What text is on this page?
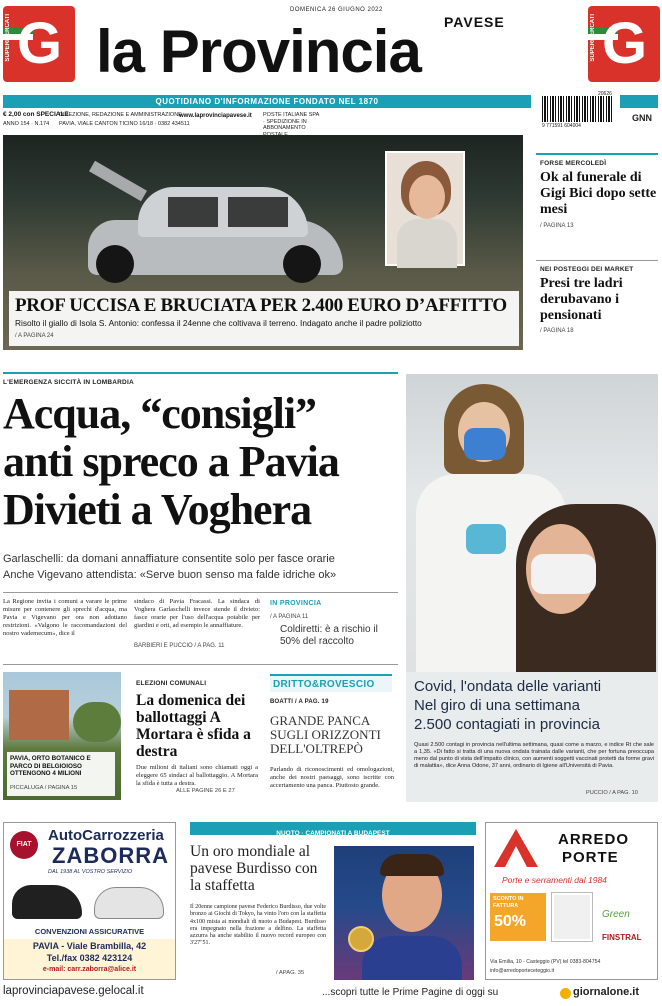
SUPERMERCATI G
DOMENICA 26 GIUGNO 2022
PAVESE
la Provincia	SUPERMERCATI G
QUOTIDIANO D'INFORMAZIONE FONDATO NEL 1870
€ 2,00 con SPECIALE
ANNO 154 · N.174
DIREZIONE, REDAZIONE E AMMINISTRAZIONE
PAVIA, VIALE CANTON TICINO 16/18 · 0382 434511
www.laprovinciapavese.it POSTE ITALIANE SPA · SPEDIZIONE IN ABBONAMENTO	9 771591 604004
20626
GNN
PROF UCCISA E BRUCIATA PER 2.400 EURO D’AFFITTO
Risolto il giallo di Isola S. Antonio: confessa il 24enne che coltivava il terreno. Indagato anche il padre poliziotto
/ A PAGINA 24
FORSE MERCOLEDÌ
Ok al funerale di Gigi Bici dopo sette mesi
/ PAGINA 13
NEI POSTEGGI DEI MARKET
Presi tre ladri derubavano i pensionati
/ PAGINA 18
L'EMERGENZA SICCITÀ IN LOMBARDIA
Acqua, “consigli”
anti spreco a Pavia
Divieti a Voghera
Garlaschelli: da domani annaffiature consentite solo per fasce orarie
Anche Vigevano attendista: «Serve buon senso ma falde idriche ok»
La Regione invita i comuni a varare le prime misure per contenere gli sprechi d'acqua, ma Pavia e Vigevano per ora non adottano restrizioni. «Valgono le raccomandazioni del nostro vademecum», dice il
sindaco di Pavia Fracassi. La sindaca di Voghera Garlaschelli invece stende il divieto: fasce orarie per l'uso dell'acqua potabile per giardini e orti, ad esempio le annaffiature.
BARBIERI E PUCCIO / A PAG. 11
IN PROVINCIA
/ A PAGINA 11
Coldiretti: è a rischio il 50% del raccolto
Covid, l'ondata delle varianti
Nel giro di una settimana
2.500 contagiati in provincia
Quasi 2.500 contagi in provincia nell'ultima settimana, quasi come a marzo, e indice Rt che sale a 1,35. «Di fatto si tratta di una nuova ondata trainata dalle varianti, che per fortuna preoccupa meno dal punto di vista dell'impatto clinico, con aumenti soggetti vaccinati protetti da forme gravi di malattia», dice Anna Odone, 37 anni, ordinario di Igiene all'Università di Pavia.
PUCCIO / A PAG. 10
PAVIA, ORTO BOTANICO E PARCO DI BELGIOIOSO OTTENGONO 4 MILIONI
PICCALUGA / PAGINA 15
ELEZIONI COMUNALI
La domenica dei ballottaggi A Mortara è sfida a destra
Due milioni di italiani sono chiamati oggi a eleggere 65 sindaci al ballottaggio. A Mortara la sfida è tutta a destra.
ALLE PAGINE 26 E 27
DRITTO&ROVESCIO
BOATTI / A PAG. 19
GRANDE PANCA SUGLI ORIZZONTI DELL'OLTREPÒ
Parlando di riconoscimenti ed omologazioni, anche dei nostri paesaggi, sono iscritte con accertamento una panca. Piuttosto grande.
FIAT
AutoCarrozzeria
ZABORRA
DAL 1938 AL VOSTRO SERVIZIO
CONVENZIONI ASSICURATIVE
PAVIA - Viale Brambilla, 42
Tel./fax 0382 423124
e-mail: carr.zaborra@alice.it
NUOTO · CAMPIONATI A BUDAPEST
Un oro mondiale al pavese Burdisso con la staffetta
Il 20enne campione pavese Federico Burdisso, due volte bronzo ai Giochi di Tokyo, ha vinto l'oro con la staffetta 4x100 mista ai mondiali di nuoto a Budapest. Burdisso era impegnato nella frazione a delfino. La staffetta azzurra ha anche stabilito il nuovo record europeo con 3'27"51.
/ APAG. 35
ARREDO
PORTE
Porte e serramenti dal 1984
SCONTO IN FATTURA
50%	Green
FINSTRAL
Via Emilia, 10 - Casteggio (PV) tel 0383-804754
info@arredoporteceteggio.it
laprovinciapavese.gelocal.it	...scopri tutte le Prime Pagine di oggi su	giornalone.it
